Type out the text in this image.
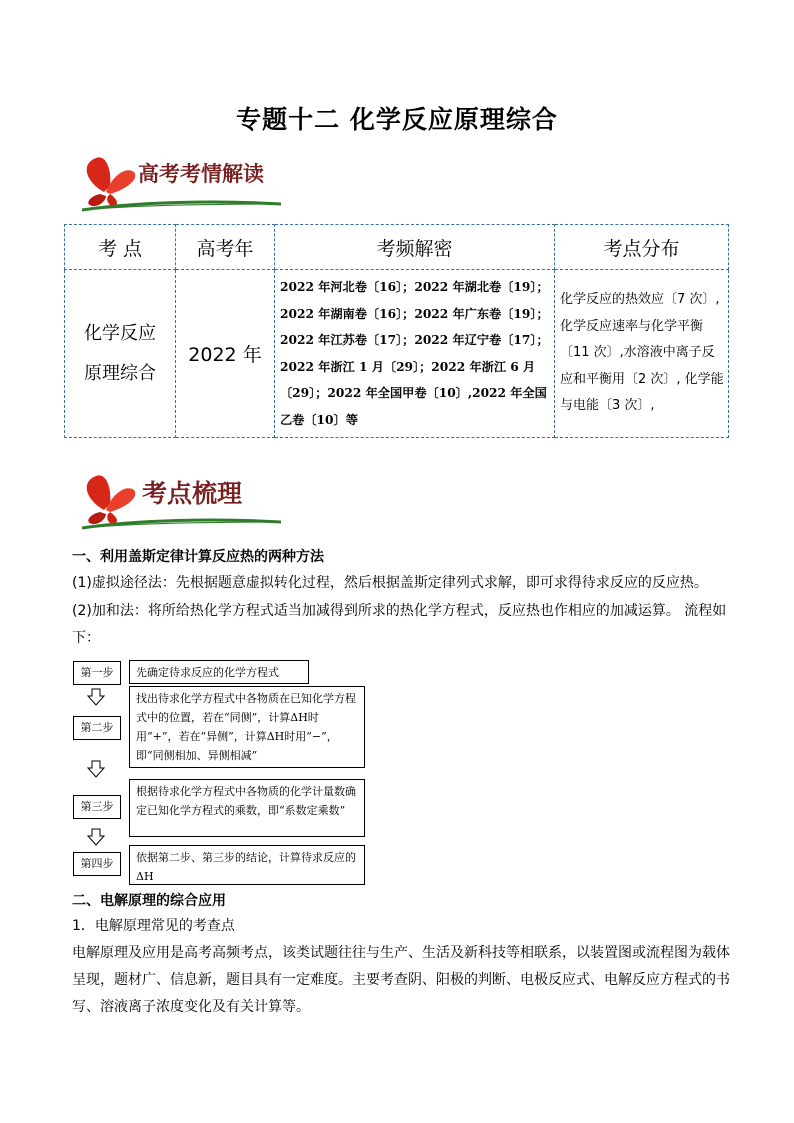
专题十二 化学反应原理综合
高考考情解读
考 点	高考年	考频解密	考点分布

化学反应
原理综合	2022 年	2022 年河北卷〔16〕；2022 年湖北卷〔19〕；2022 年湖南卷〔16〕；2022 年广东卷〔19〕；2022 年江苏卷〔17〕；2022 年辽宁卷〔17〕；2022 年浙江 1 月〔29〕；2022 年浙江 6 月〔29〕；2022 年全国甲卷〔10〕,2022 年全国乙卷〔10〕等	化学反应的热效应〔7 次〕,化学反应速率与化学平衡〔11 次〕,水溶液中离子反应和平衡用〔2 次〕, 化学能与电能〔3 次〕,
考点梳理
一、利用盖斯定律计算反应热的两种方法
(1)虚拟途径法：先根据题意虚拟转化过程，然后根据盖斯定律列式求解，即可求得待求反应的反应热。
(2)加和法：将所给热化学方程式适当加减得到所求的热化学方程式，反应热也作相应的加减运算。 流程如下：
第一步	先确定待求反应的化学方程式
第二步
找出待求化学方程式中各物质在已知化学方程式中的位置，若在“同侧”，计算ΔH时用“+”，若在“异侧”，计算ΔH时用“−”，即“同侧相加、异侧相减”
第三步
根据待求化学方程式中各物质的化学计量数确定已知化学方程式的乘数，即“系数定乘数”
第四步	依据第二步、第三步的结论，计算待求反应的ΔH
二、电解原理的综合应用
1．电解原理常见的考查点
电解原理及应用是高考高频考点，该类试题往往与生产、生活及新科技等相联系，以装置图或流程图为载体呈现，题材广、信息新，题目具有一定难度。主要考查阴、阳极的判断、电极反应式、电解反应方程式的书写、溶液离子浓度变化及有关计算等。
